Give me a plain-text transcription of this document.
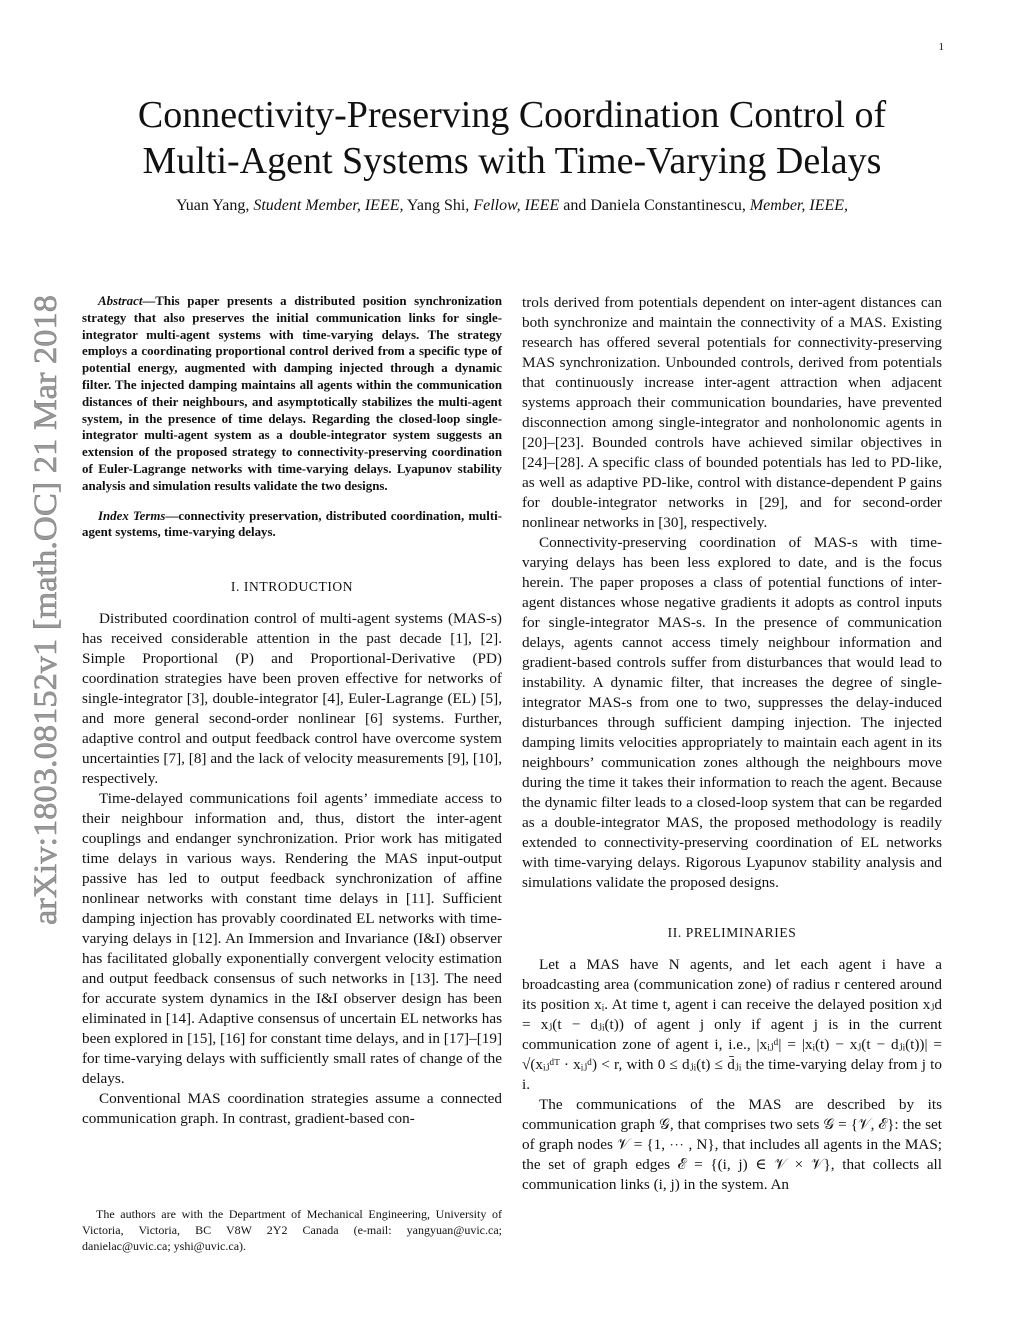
1
Connectivity-Preserving Coordination Control of
Multi-Agent Systems with Time-Varying Delays
Yuan Yang, Student Member, IEEE, Yang Shi, Fellow, IEEE and Daniela Constantinescu, Member, IEEE,
arXiv:1803.08152v1 [math.OC] 21 Mar 2018

Abstract—This paper presents a distributed position synchronization strategy that also preserves the initial communication links for single-integrator multi-agent systems with time-varying delays. The strategy employs a coordinating proportional control derived from a specific type of potential energy, augmented with damping injected through a dynamic filter. The injected damping maintains all agents within the communication distances of their neighbours, and asymptotically stabilizes the multi-agent system, in the presence of time delays. Regarding the closed-loop single-integrator multi-agent system as a double-integrator system suggests an extension of the proposed strategy to connectivity-preserving coordination of Euler-Lagrange networks with time-varying delays. Lyapunov stability analysis and simulation results validate the two designs.

Index Terms—connectivity preservation, distributed coordination, multi-agent systems, time-varying delays.

I. INTRODUCTION

Distributed coordination control of multi-agent systems (MAS-s) has received considerable attention in the past decade [1], [2]. Simple Proportional (P) and Proportional-Derivative (PD) coordination strategies have been proven effective for networks of single-integrator [3], double-integrator [4], Euler-Lagrange (EL) [5], and more general second-order nonlinear [6] systems. Further, adaptive control and output feedback control have overcome system uncertainties [7], [8] and the lack of velocity measurements [9], [10], respectively.

Time-delayed communications foil agents’ immediate access to their neighbour information and, thus, distort the inter-agent couplings and endanger synchronization. Prior work has mitigated time delays in various ways. Rendering the MAS input-output passive has led to output feedback synchronization of affine nonlinear networks with constant time delays in [11]. Sufficient damping injection has provably coordinated EL networks with time-varying delays in [12]. An Immersion and Invariance (I&I) observer has facilitated globally exponentially convergent velocity estimation and output feedback consensus of such networks in [13]. The need for accurate system dynamics in the I&I observer design has been eliminated in [14]. Adaptive consensus of uncertain EL networks has been explored in [15], [16] for constant time delays, and in [17]–[19] for time-varying delays with sufficiently small rates of change of the delays.

Conventional MAS coordination strategies assume a connected communication graph. In contrast, gradient-based con-

The authors are with the Department of Mechanical Engineering, University of Victoria, Victoria, BC V8W 2Y2 Canada (e-mail: yangyuan@uvic.ca; danielac@uvic.ca; yshi@uvic.ca).

trols derived from potentials dependent on inter-agent distances can both synchronize and maintain the connectivity of a MAS. Existing research has offered several potentials for connectivity-preserving MAS synchronization. Unbounded controls, derived from potentials that continuously increase inter-agent attraction when adjacent systems approach their communication boundaries, have prevented disconnection among single-integrator and nonholonomic agents in [20]–[23]. Bounded controls have achieved similar objectives in [24]–[28]. A specific class of bounded potentials has led to PD-like, as well as adaptive PD-like, control with distance-dependent P gains for double-integrator networks in [29], and for second-order nonlinear networks in [30], respectively.

Connectivity-preserving coordination of MAS-s with time-varying delays has been less explored to date, and is the focus herein. The paper proposes a class of potential functions of inter-agent distances whose negative gradients it adopts as control inputs for single-integrator MAS-s. In the presence of communication delays, agents cannot access timely neighbour information and gradient-based controls suffer from disturbances that would lead to instability. A dynamic filter, that increases the degree of single-integrator MAS-s from one to two, suppresses the delay-induced disturbances through sufficient damping injection. The injected damping limits velocities appropriately to maintain each agent in its neighbours’ communication zones although the neighbours move during the time it takes their information to reach the agent. Because the dynamic filter leads to a closed-loop system that can be regarded as a double-integrator MAS, the proposed methodology is readily extended to connectivity-preserving coordination of EL networks with time-varying delays. Rigorous Lyapunov stability analysis and simulations validate the proposed designs.

II. PRELIMINARIES

Let a MAS have N agents, and let each agent i have a broadcasting area (communication zone) of radius r centered around its position xᵢ. At time t, agent i can receive the delayed position xⱼd = xⱼ(t − dⱼᵢ(t)) of agent j only if agent j is in the current communication zone of agent i, i.e., |xᵢⱼᵈ| = |xᵢ(t) − xⱼ(t − dⱼᵢ(t))| = √(xᵢⱼᵈᵀ · xᵢⱼᵈ) < r, with 0 ≤ dⱼᵢ(t) ≤ d̄ⱼᵢ the time-varying delay from j to i.

The communications of the MAS are described by its communication graph 𝒢, that comprises two sets 𝒢 = {𝒱, ℰ}: the set of graph nodes 𝒱 = {1, ⋯ , N}, that includes all agents in the MAS; the set of graph edges ℰ = {(i, j) ∈ 𝒱 × 𝒱}, that collects all communication links (i, j) in the system. An
